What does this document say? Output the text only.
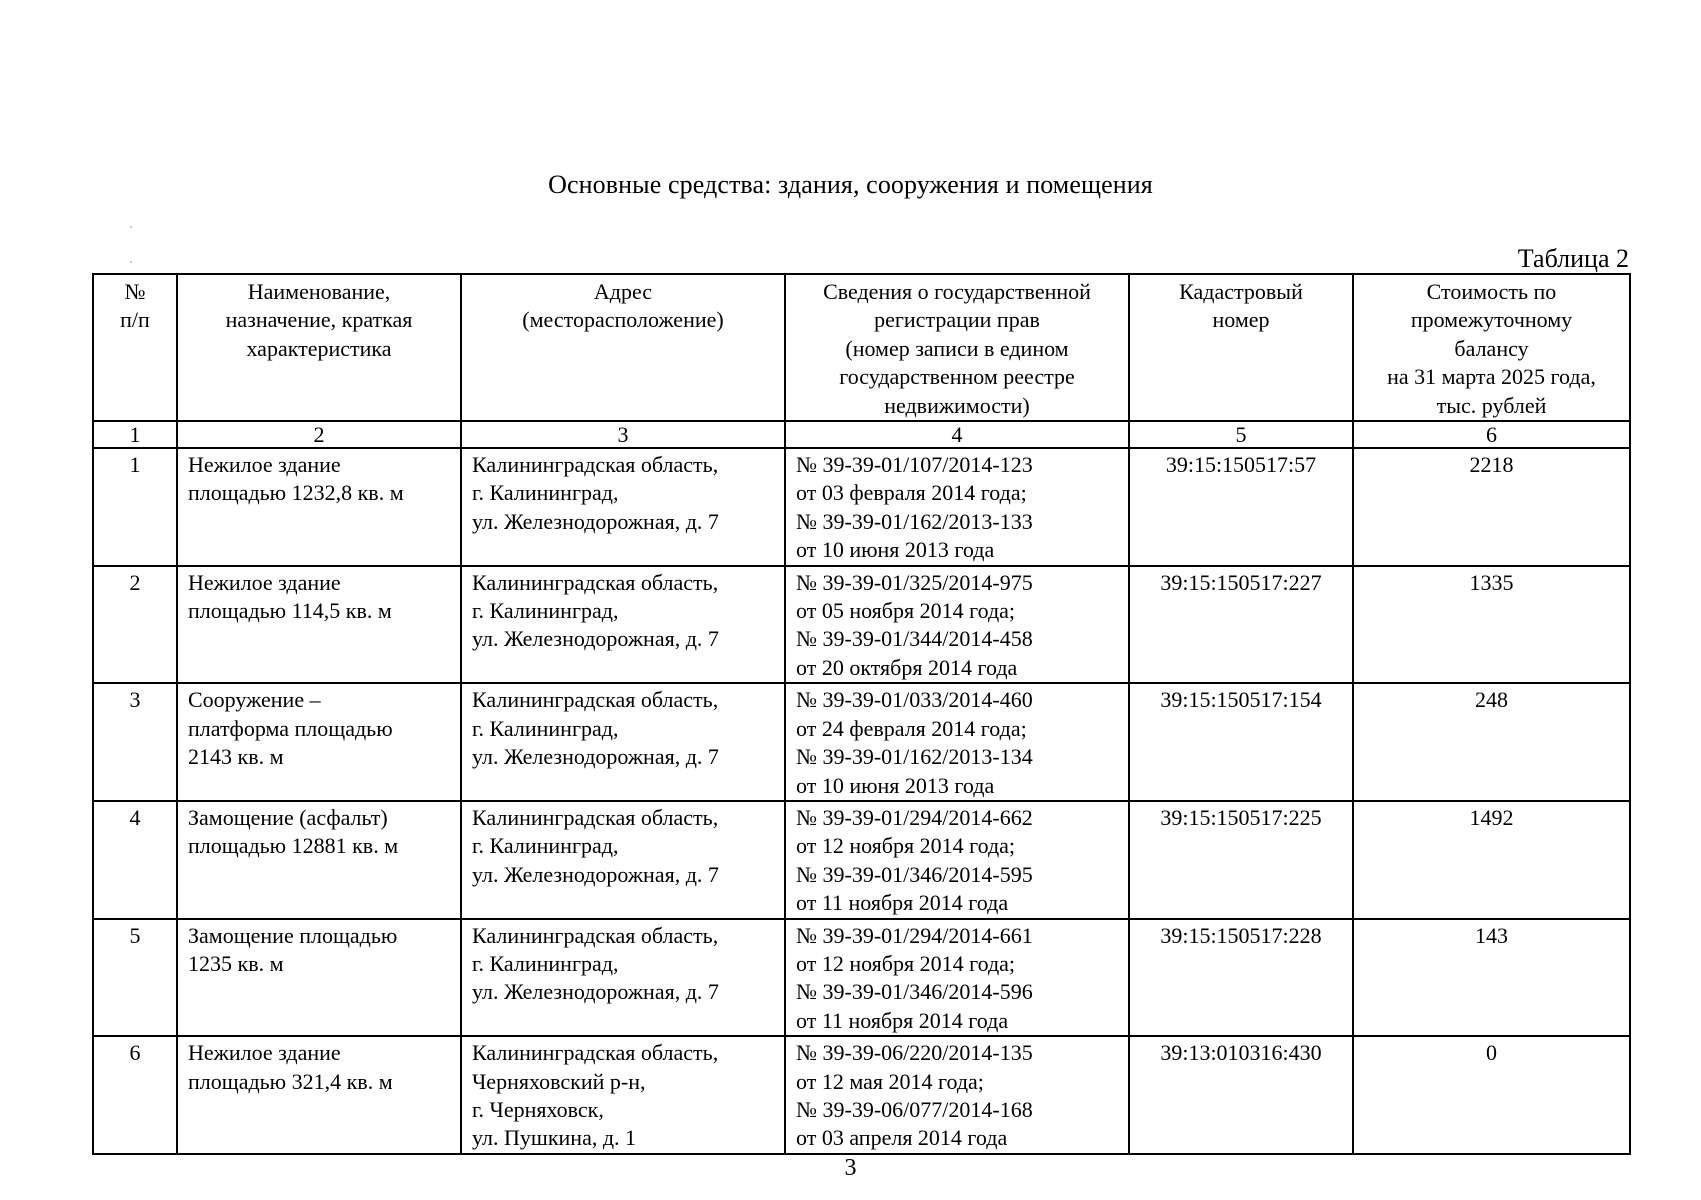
Основные средства: здания, сооружения и помещения
Таблица 2
№
п/п	Наименование,
назначение, краткая
характеристика	Адрес
(месторасположение)	Сведения о государственной
регистрации прав
(номер записи в едином
государственном реестре
недвижимости)	Кадастровый
номер	Стоимость по
промежуточному
балансу
на 31 марта 2025 года,
тыс. рублей

1	2	3	4	5	6
1	Нежилое здание
площадью 1232,8 кв. м	Калининградская область,
г. Калининград,
ул. Железнодорожная, д. 7	№ 39-39-01/107/2014-123
от 03 февраля 2014 года;
№ 39-39-01/162/2013-133
от 10 июня 2013 года	39:15:150517:57	2218
2	Нежилое здание
площадью 114,5 кв. м	Калининградская область,
г. Калининград,
ул. Железнодорожная, д. 7	№ 39-39-01/325/2014-975
от 05 ноября 2014 года;
№ 39-39-01/344/2014-458
от 20 октября 2014 года	39:15:150517:227	1335
3	Сооружение –
платформа площадью
2143 кв. м	Калининградская область,
г. Калининград,
ул. Железнодорожная, д. 7	№ 39-39-01/033/2014-460
от 24 февраля 2014 года;
№ 39-39-01/162/2013-134
от 10 июня 2013 года	39:15:150517:154	248
4	Замощение (асфальт)
площадью 12881 кв. м	Калининградская область,
г. Калининград,
ул. Железнодорожная, д. 7	№ 39-39-01/294/2014-662
от 12 ноября 2014 года;
№ 39-39-01/346/2014-595
от 11 ноября 2014 года	39:15:150517:225	1492
5	Замощение площадью
1235 кв. м	Калининградская область,
г. Калининград,
ул. Железнодорожная, д. 7	№ 39-39-01/294/2014-661
от 12 ноября 2014 года;
№ 39-39-01/346/2014-596
от 11 ноября 2014 года	39:15:150517:228	143
6	Нежилое здание
площадью 321,4 кв. м	Калининградская область,
Черняховский р-н,
г. Черняховск,
ул. Пушкина, д. 1	№ 39-39-06/220/2014-135
от 12 мая 2014 года;
№ 39-39-06/077/2014-168
от 03 апреля 2014 года	39:13:010316:430	0
3
